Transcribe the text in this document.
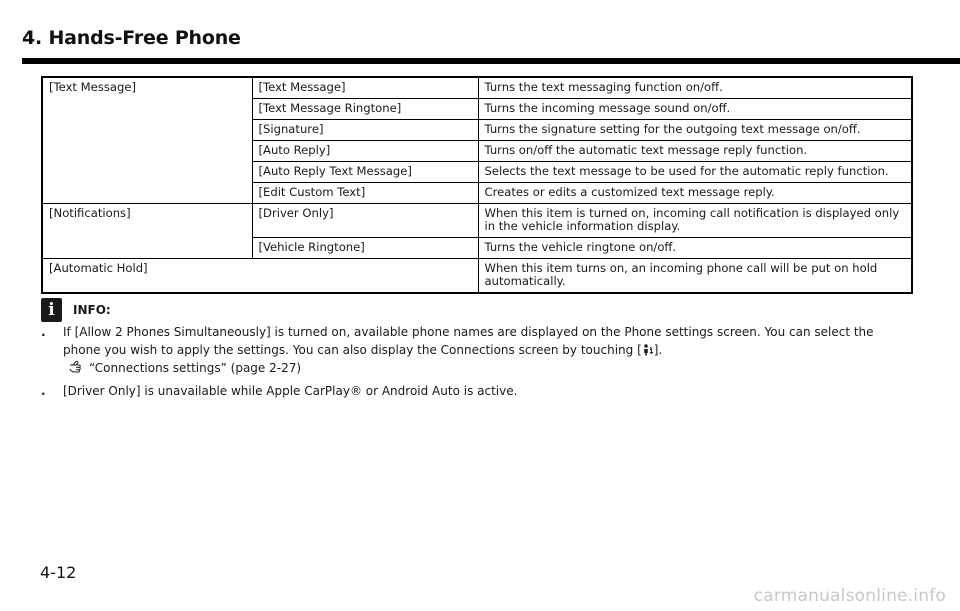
4. Hands-Free Phone
[Text Message]	[Text Message]	Turns the text messaging function on/off.
	[Text Message Ringtone]	Turns the incoming message sound on/off.
	[Signature]	Turns the signature setting for the outgoing text message on/off.
	[Auto Reply]	Turns on/off the automatic text message reply function.
	[Auto Reply Text Message]	Selects the text message to be used for the automatic reply function.
	[Edit Custom Text]	Creates or edits a customized text message reply.
[Notifications]	[Driver Only]	When this item is turned on, incoming call notification is displayed only in the vehicle information display.
	[Vehicle Ringtone]	Turns the vehicle ringtone on/off.
[Automatic Hold]		When this item turns on, an incoming phone call will be put on hold automatically.
i INFO:
. If [Allow 2 Phones Simultaneously] is turned on, available phone names are displayed on the Phone settings screen. You can select the phone you wish to apply the settings. You can also display the Connections screen by touching [ ].
“Connections settings” (page 2-27)
. [Driver Only] is unavailable while Apple CarPlay® or Android Auto is active.
4-12
carmanualsonline.info
